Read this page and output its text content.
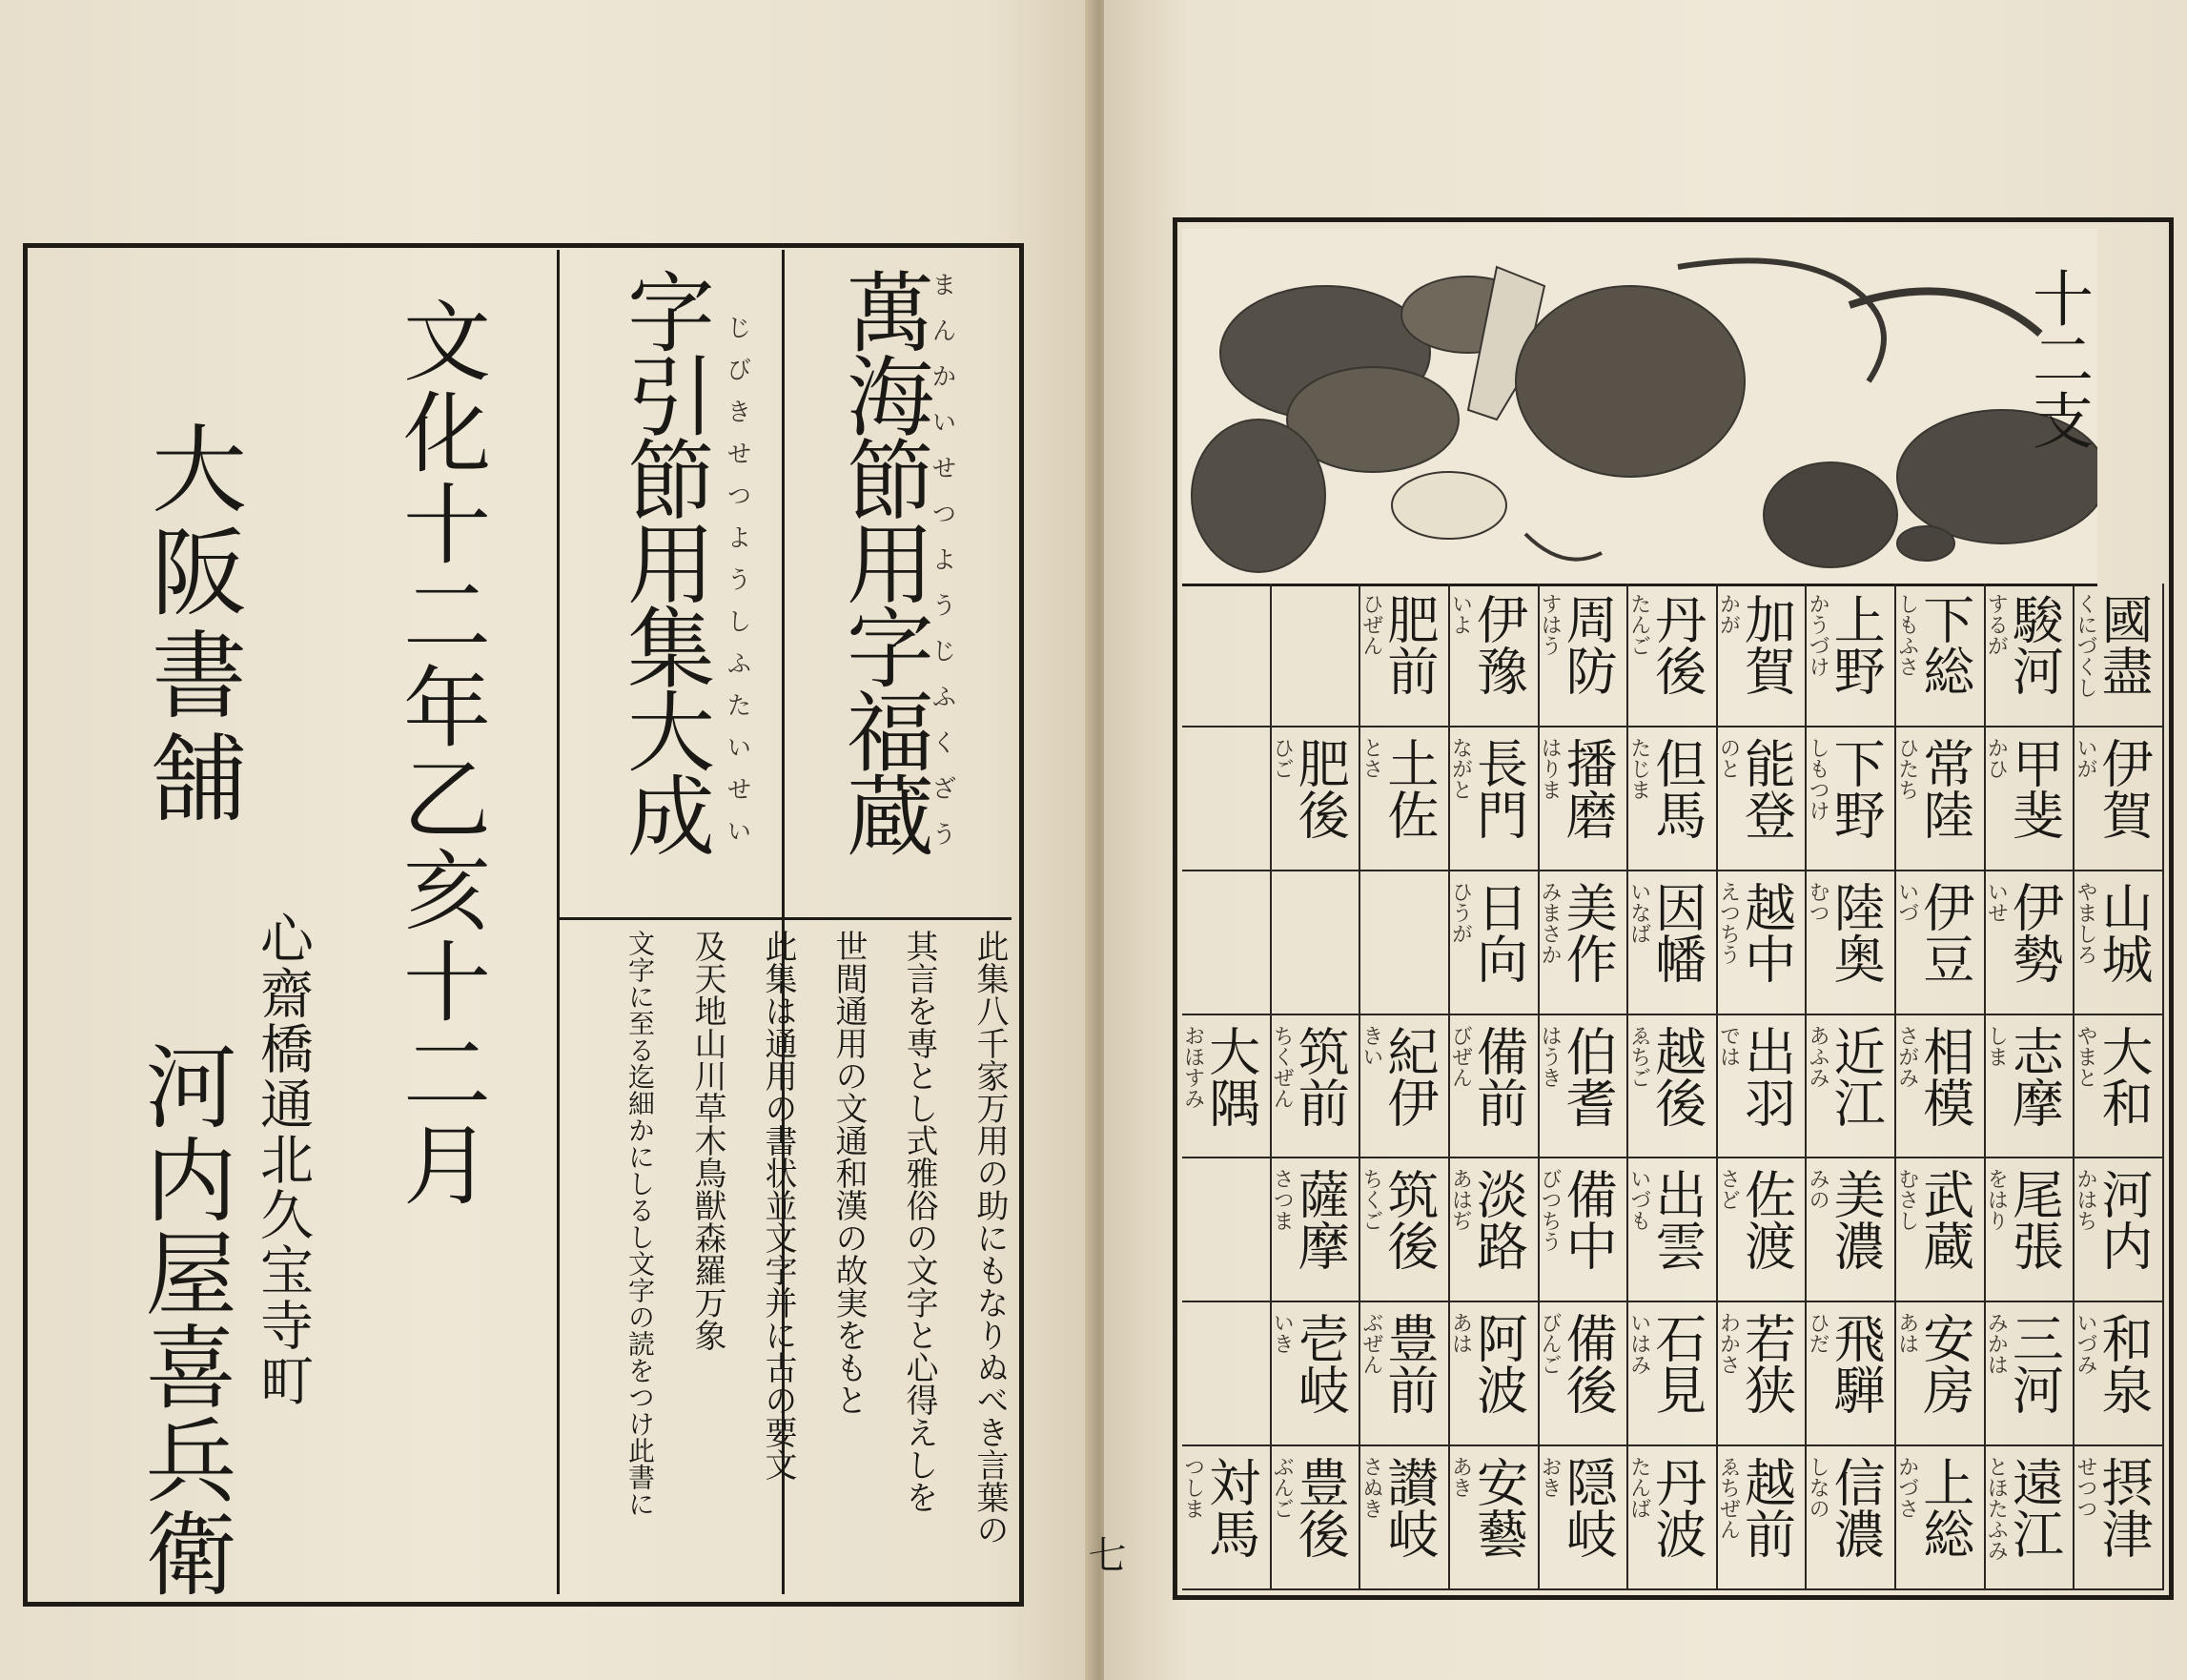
萬海節用字福蔵
まんかいせつようじふくざう
字引節用集大成 じびきせつようしふたいせい
此集八千家万用の助にもなりぬべき言葉の
其言を専とし式雅俗の文字と心得えしを
世間通用の文通和漢の故実をもと
此集は通用の書状並文字并に古の要文
及天地山川草木鳥獣森羅万象
文字に至る迄細かにしるし文字の読をつけ此書に
文化十二年乙亥十二月
大阪書舗
心齋橋通北久宝寺町
河内屋喜兵衛
十二支
國盡
くにづくし
駿河
するが
下総
しもふさ
上野
かうづけ
加賀
かが
丹後
たんご
周防
すはう
伊豫
いよ
肥前
ひぜん
伊賀
いが
甲斐
かひ
常陸
ひたち
下野
しもつけ
能登
のと
但馬
たじま
播磨
はりま
長門
ながと
土佐
とさ
肥後
ひご
山城
やましろ
伊勢
いせ
伊豆
いづ
陸奥
むつ
越中
えつちう
因幡
いなば
美作
みまさか
日向
ひうが
大和
やまと
志摩
しま
相模
さがみ
近江
あふみ
出羽
では
越後
ゑちご
伯耆
はうき
備前
びぜん
紀伊
きい
筑前
ちくぜん
大隅
おほすみ
河内
かはち
尾張
をはり
武蔵
むさし
美濃
みの
佐渡
さど
出雲
いづも
備中
びつちう
淡路
あはぢ
筑後
ちくご
薩摩
さつま
和泉
いづみ
三河
みかは
安房
あは
飛騨
ひだ
若狭
わかさ
石見
いはみ
備後
びんご
阿波
あは
豊前
ぶぜん
壱岐
いき
摂津
せつつ
遠江
とほたふみ
上総
かづさ
信濃
しなの
越前
ゑちぜん
丹波
たんば
隠岐
おき
安藝
あき
讃岐
さぬき
豊後
ぶんご
対馬
つしま
七
